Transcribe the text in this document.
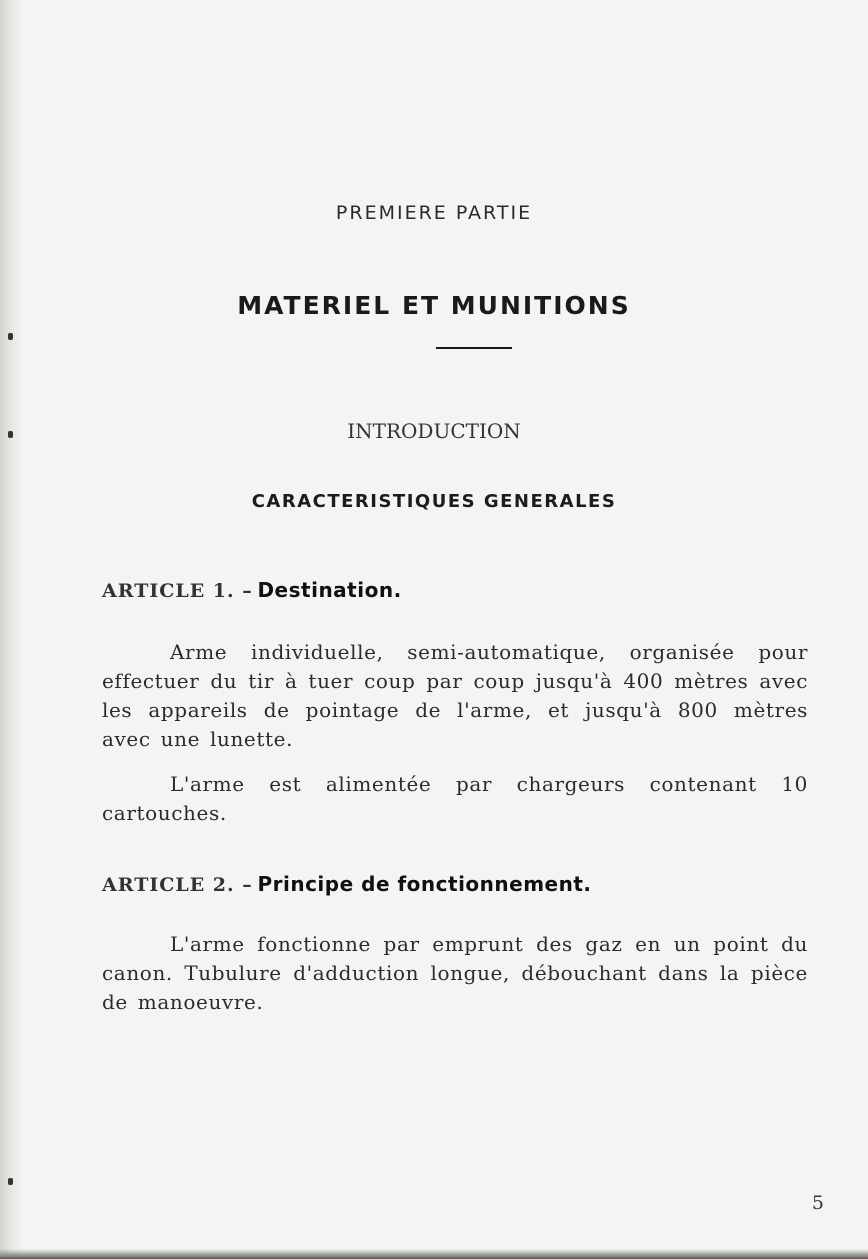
PREMIERE PARTIE

MATERIEL ET MUNITIONS

INTRODUCTION

CARACTERISTIQUES GENERALES
ARTICLE 1. – Destination.

Arme individuelle, semi-automatique, organisée pour effectuer du tir à tuer coup par coup jusqu'à 400 mètres avec les appareils de pointage de l'arme, et jusqu'à 800 mètres avec une lunette.

L'arme est alimentée par chargeurs contenant 10 cartouches.

ARTICLE 2. – Principe de fonctionnement.

L'arme fonctionne par emprunt des gaz en un point du canon. Tubulure d'adduction longue, débouchant dans la pièce de manoeuvre.

5
